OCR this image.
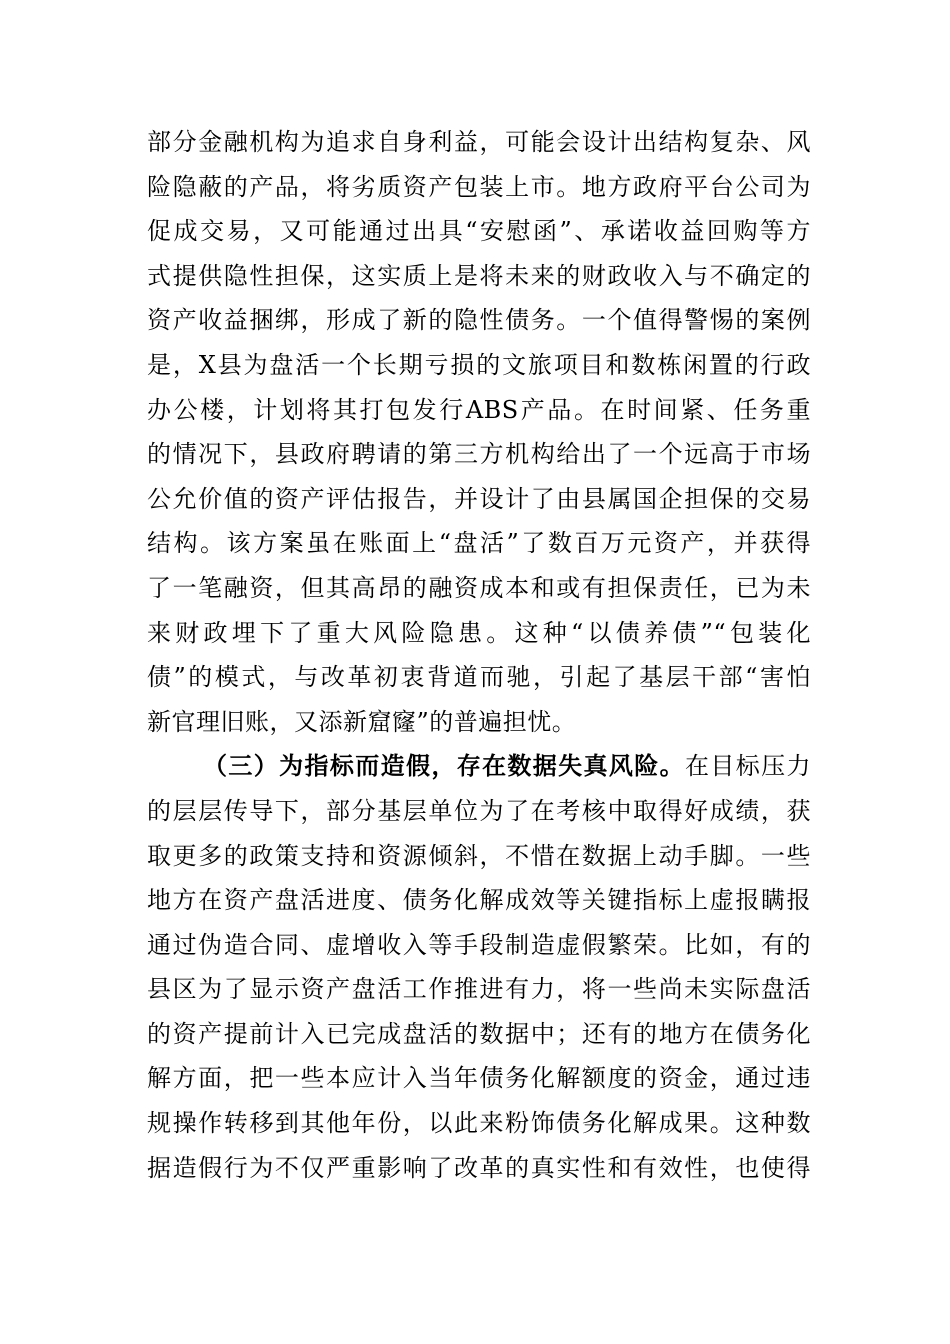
部分金融机构为追求自身利益，可能会设计出结构复杂、风
险隐蔽的产品，将劣质资产包装上市。地方政府平台公司为
促成交易，又可能通过出具“安慰函”、承诺收益回购等方
式提供隐性担保，这实质上是将未来的财政收入与不确定的
资产收益捆绑，形成了新的隐性债务。一个值得警惕的案例
是，X县为盘活一个长期亏损的文旅项目和数栋闲置的行政
办公楼，计划将其打包发行ABS产品。在时间紧、任务重
的情况下，县政府聘请的第三方机构给出了一个远高于市场
公允价值的资产评估报告，并设计了由县属国企担保的交易
结构。该方案虽在账面上“盘活”了数百万元资产，并获得
了一笔融资，但其高昂的融资成本和或有担保责任，已为未
来财政埋下了重大风险隐患。这种“以债养债”“包装化
债”的模式，与改革初衷背道而驰，引起了基层干部“害怕
新官理旧账，又添新窟窿”的普遍担忧。
（三）为指标而造假，存在数据失真风险。在目标压力
的层层传导下，部分基层单位为了在考核中取得好成绩，获
取更多的政策支持和资源倾斜，不惜在数据上动手脚。一些
地方在资产盘活进度、债务化解成效等关键指标上虚报瞒报
通过伪造合同、虚增收入等手段制造虚假繁荣。比如，有的
县区为了显示资产盘活工作推进有力，将一些尚未实际盘活
的资产提前计入已完成盘活的数据中；还有的地方在债务化
解方面，把一些本应计入当年债务化解额度的资金，通过违
规操作转移到其他年份，以此来粉饰债务化解成果。这种数
据造假行为不仅严重影响了改革的真实性和有效性，也使得
